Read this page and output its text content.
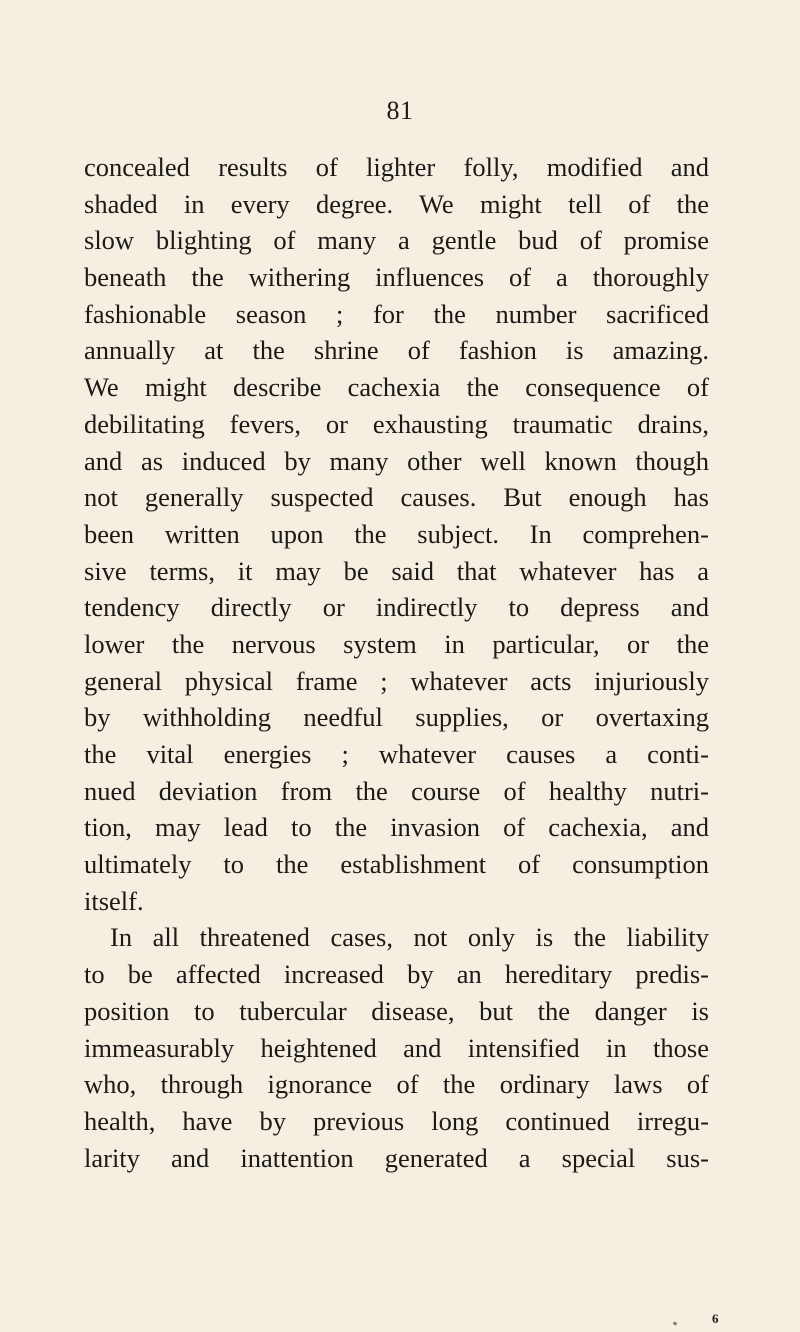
81
concealed results of lighter folly, modified and
shaded in every degree. We might tell of the
slow blighting of many a gentle bud of promise
beneath the withering influences of a thoroughly
fashionable season ; for the number sacrificed
annually at the shrine of fashion is amazing.
We might describe cachexia the consequence of
debilitating fevers, or exhausting traumatic drains,
and as induced by many other well known though
not generally suspected causes. But enough has
been written upon the subject. In comprehen-
sive terms, it may be said that whatever has a
tendency directly or indirectly to depress and
lower the nervous system in particular, or the
general physical frame ; whatever acts injuriously
by withholding needful supplies, or overtaxing
the vital energies ; whatever causes a conti-
nued deviation from the course of healthy nutri-
tion, may lead to the invasion of cachexia, and
ultimately to the establishment of consumption
itself.
In all threatened cases, not only is the liability
to be affected increased by an hereditary predis-
position to tubercular disease, but the danger is
immeasurably heightened and intensified in those
who, through ignorance of the ordinary laws of
health, have by previous long continued irregu-
larity and inattention generated a special sus-
6
